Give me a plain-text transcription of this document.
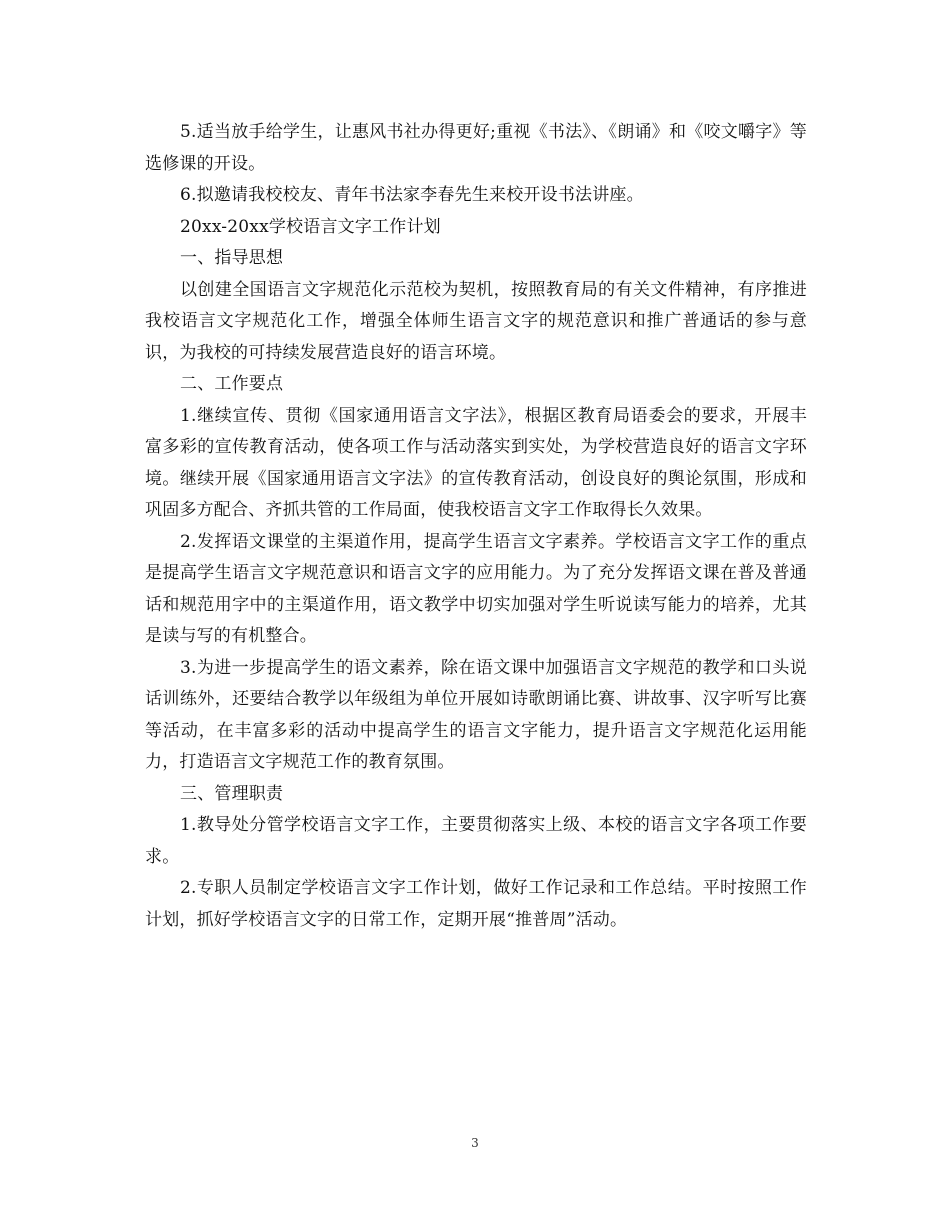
5.适当放手给学生，让惠风书社办得更好;重视《书法》、《朗诵》和《咬文嚼字》等选修课的开设。

6.拟邀请我校校友、青年书法家李春先生来校开设书法讲座。

20xx-20xx学校语言文字工作计划

一、指导思想

以创建全国语言文字规范化示范校为契机，按照教育局的有关文件精神，有序推进我校语言文字规范化工作，增强全体师生语言文字的规范意识和推广普通话的参与意识，为我校的可持续发展营造良好的语言环境。

二、工作要点

1.继续宣传、贯彻《国家通用语言文字法》，根据区教育局语委会的要求，开展丰富多彩的宣传教育活动，使各项工作与活动落实到实处，为学校营造良好的语言文字环境。继续开展《国家通用语言文字法》的宣传教育活动，创设良好的舆论氛围，形成和巩固多方配合、齐抓共管的工作局面，使我校语言文字工作取得长久效果。

2.发挥语文课堂的主渠道作用，提高学生语言文字素养。学校语言文字工作的重点是提高学生语言文字规范意识和语言文字的应用能力。为了充分发挥语文课在普及普通话和规范用字中的主渠道作用，语文教学中切实加强对学生听说读写能力的培养，尤其是读与写的有机整合。

3.为进一步提高学生的语文素养，除在语文课中加强语言文字规范的教学和口头说话训练外，还要结合教学以年级组为单位开展如诗歌朗诵比赛、讲故事、汉字听写比赛等活动，在丰富多彩的活动中提高学生的语言文字能力，提升语言文字规范化运用能力，打造语言文字规范工作的教育氛围。

三、管理职责

1.教导处分管学校语言文字工作，主要贯彻落实上级、本校的语言文字各项工作要求。

2.专职人员制定学校语言文字工作计划，做好工作记录和工作总结。平时按照工作计划，抓好学校语言文字的日常工作，定期开展“推普周”活动。

3
